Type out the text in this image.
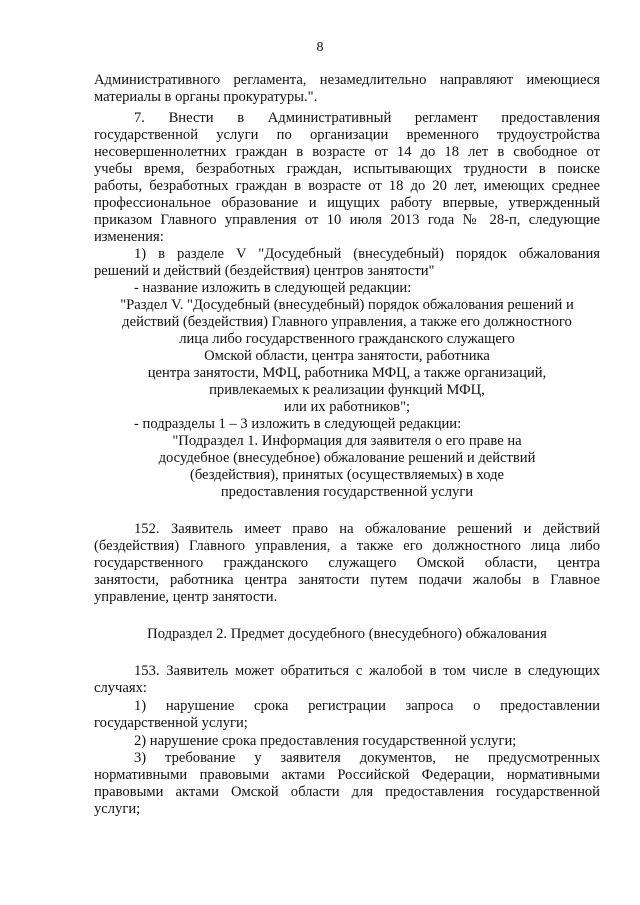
8
Административного регламента, незамедлительно направляют имеющиеся
материалы в органы прокуратуры.".
7. Внести в Административный регламент предоставления
государственной услуги по организации временного трудоустройства
несовершеннолетних граждан в возрасте от 14 до 18 лет в свободное от
учебы время, безработных граждан, испытывающих трудности в поиске
работы, безработных граждан в возрасте от 18 до 20 лет, имеющих среднее
профессиональное образование и ищущих работу впервые, утвержденный
приказом Главного управления от 10 июля 2013 года № 28-п, следующие
изменения:
1) в разделе V "Досудебный (внесудебный) порядок обжалования
решений и действий (бездействия) центров занятости"
- название изложить в следующей редакции:
"Раздел V. "Досудебный (внесудебный) порядок обжалования решений и
действий (бездействия) Главного управления, а также его должностного
лица либо государственного гражданского служащего
Омской области, центра занятости, работника
центра занятости, МФЦ, работника МФЦ, а также организаций,
привлекаемых к реализации функций МФЦ,
или их работников";
- подразделы 1 – 3 изложить в следующей редакции:
"Подраздел 1. Информация для заявителя о его праве на
досудебное (внесудебное) обжалование решений и действий
(бездействия), принятых (осуществляемых) в ходе
предоставления государственной услуги
152. Заявитель имеет право на обжалование решений и действий
(бездействия) Главного управления, а также его должностного лица либо
государственного гражданского служащего Омской области, центра
занятости, работника центра занятости путем подачи жалобы в Главное
управление, центр занятости.
Подраздел 2. Предмет досудебного (внесудебного) обжалования
153. Заявитель может обратиться с жалобой в том числе в следующих
случаях:
1) нарушение срока регистрации запроса о предоставлении
государственной услуги;
2) нарушение срока предоставления государственной услуги;
3) требование у заявителя документов, не предусмотренных
нормативными правовыми актами Российской Федерации, нормативными
правовыми актами Омской области для предоставления государственной
услуги;
